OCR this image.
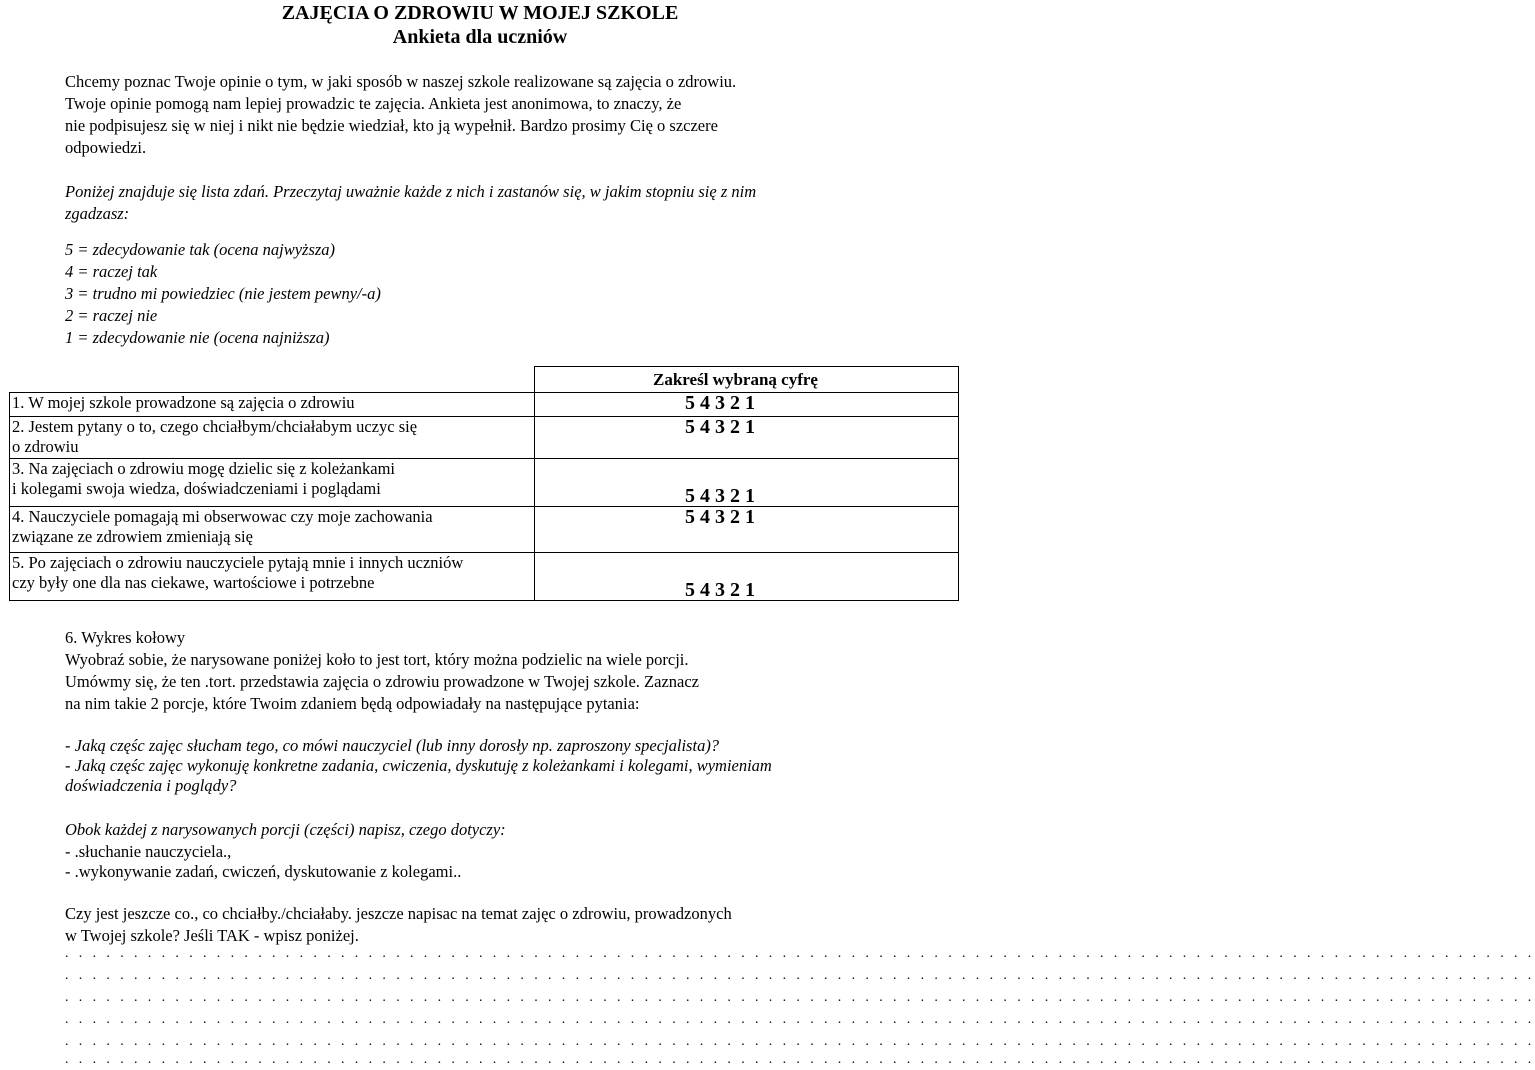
ZAJĘCIA O ZDROWIU W MOJEJ SZKOLE
Ankieta dla uczniów
Chcemy poznac Twoje opinie o tym, w jaki sposób w naszej szkole realizowane są zajęcia o zdrowiu.
Twoje opinie pomogą nam lepiej prowadzic te zajęcia. Ankieta jest anonimowa, to znaczy, że
nie podpisujesz się w niej i nikt nie będzie wiedział, kto ją wypełnił. Bardzo prosimy Cię o szczere
odpowiedzi.
Poniżej znajduje się lista zdań. Przeczytaj uważnie każde z nich i zastanów się, w jakim stopniu się z nim
zgadzasz:
5 = zdecydowanie tak (ocena najwyższa)
4 = raczej tak
3 = trudno mi powiedziec (nie jestem pewny/-a)
2 = raczej nie
1 = zdecydowanie nie (ocena najniższa)
	Zakreśl wybraną cyfrę
1. W mojej szkole prowadzone są zajęcia o zdrowiu	5 4 3 2 1

2. Jestem pytany o to, czego chciałbym/chciałabym uczyc się
o zdrowiu	5 4 3 2 1

3. Na zajęciach o zdrowiu mogę dzielic się z koleżankami
i kolegami swoja wiedza, doświadczeniami i poglądami	5 4 3 2 1

4. Nauczyciele pomagają mi obserwowac czy moje zachowania
związane ze zdrowiem zmieniają się	5 4 3 2 1

5. Po zajęciach o zdrowiu nauczyciele pytają mnie i innych uczniów
czy były one dla nas ciekawe, wartościowe i potrzebne	5 4 3 2 1
6. Wykres kołowy
Wyobraź sobie, że narysowane poniżej koło to jest tort, który można podzielic na wiele porcji.
Umówmy się, że ten .tort. przedstawia zajęcia o zdrowiu prowadzone w Twojej szkole. Zaznacz
na nim takie 2 porcje, które Twoim zdaniem będą odpowiadały na następujące pytania:
- Jaką częśc zajęc słucham tego, co mówi nauczyciel (lub inny dorosły np. zaproszony specjalista)?
- Jaką częśc zajęc wykonuję konkretne zadania, cwiczenia, dyskutuję z koleżankami i kolegami, wymieniam
doświadczenia i poglądy?
Obok każdej z narysowanych porcji (części) napisz, czego dotyczy:
- .słuchanie nauczyciela.,
- .wykonywanie zadań, cwiczeń, dyskutowanie z kolegami..
Czy jest jeszcze co., co chciałby./chciałaby. jeszcze napisac na temat zajęc o zdrowiu, prowadzonych
w Twojej szkole? Jeśli TAK - wpisz poniżej.
. . . . . . . . . . . . . . . . . . . . . . . . . . . . . . . . . . . . . . . . . . . . . . . . . . . . . . . . . . . . . . . . . . . . . . . . . . . . . . . . . . . . . . . . . . . . . . . . . . . . . . . . . . .
. . . . . . . . . . . . . . . . . . . . . . . . . . . . . . . . . . . . . . . . . . . . . . . . . . . . . . . . . . . . . . . . . . . . . . . . . . . . . . . . . . . . . . . . . . . . . . . . . . . . . . . . . . .
. . . . . . . . . . . . . . . . . . . . . . . . . . . . . . . . . . . . . . . . . . . . . . . . . . . . . . . . . . . . . . . . . . . . . . . . . . . . . . . . . . . . . . . . . . . . . . . . . . . . . . . . . . .
. . . . . . . . . . . . . . . . . . . . . . . . . . . . . . . . . . . . . . . . . . . . . . . . . . . . . . . . . . . . . . . . . . . . . . . . . . . . . . . . . . . . . . . . . . . . . . . . . . . . . . . . . . .
. . . . . . . . . . . . . . . . . . . . . . . . . . . . . . . . . . . . . . . . . . . . . . . . . . . . . . . . . . . . . . . . . . . . . . . . . . . . . . . . . . . . . . . . . . . . . . . . . . . . . . . . . . .
. . . . . . . . . . . . . . . . . . . . . . . . . . . . . . . . . . . . . . . . . . . . . . . . . . . . . . . . . . . . . . . . . . . . . . . . . . . . . . . . . . . . . . . . . . . . . . . . . . . . . . . . . . .
